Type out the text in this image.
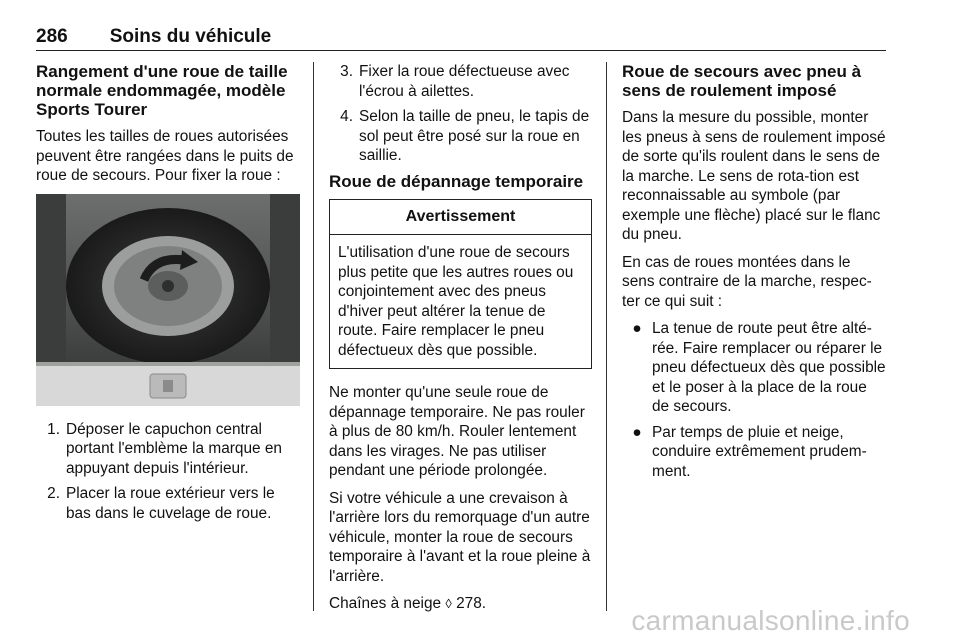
286 Soins du véhicule
Rangement d'une roue de taille normale endommagée, modèle Sports Tourer

Toutes les tailles de roues autorisées peuvent être rangées dans le puits de roue de secours. Pour fixer la roue :

1. Déposer le capuchon central portant l'emblème la marque en appuyant depuis l'intérieur.
2. Placer la roue extérieur vers le bas dans le cuvelage de roue.
3. Fixer la roue défectueuse avec l'écrou à ailettes.
4. Selon la taille de pneu, le tapis de sol peut être posé sur la roue en saillie.
Roue de dépannage temporaire
Avertissement
L'utilisation d'une roue de secours plus petite que les autres roues ou conjointement avec des pneus d'hiver peut altérer la tenue de route. Faire remplacer le pneu défectueux dès que possible.

Ne monter qu'une seule roue de dépannage temporaire. Ne pas rouler à plus de 80 km/h. Rouler lentement dans les virages. Ne pas utiliser pendant une période prolongée.

Si votre véhicule a une crevaison à l'arrière lors du remorquage d'un autre véhicule, monter la roue de secours temporaire à l'avant et la roue pleine à l'arrière.

Chaînes à neige ◊ 278.

Roue de secours avec pneu à sens de roulement imposé

Dans la mesure du possible, monter les pneus à sens de roulement imposé de sorte qu'ils roulent dans le sens de la marche. Le sens de rota-tion est reconnaissable au symbole (par exemple une flèche) placé sur le flanc du pneu.

En cas de roues montées dans le sens contraire de la marche, respec-ter ce qui suit :

● La tenue de route peut être alté-rée. Faire remplacer ou réparer le pneu défectueux dès que possible et le poser à la place de la roue de secours.
● Par temps de pluie et neige, conduire extrêmement prudem-ment.
carmanualsonline.info
